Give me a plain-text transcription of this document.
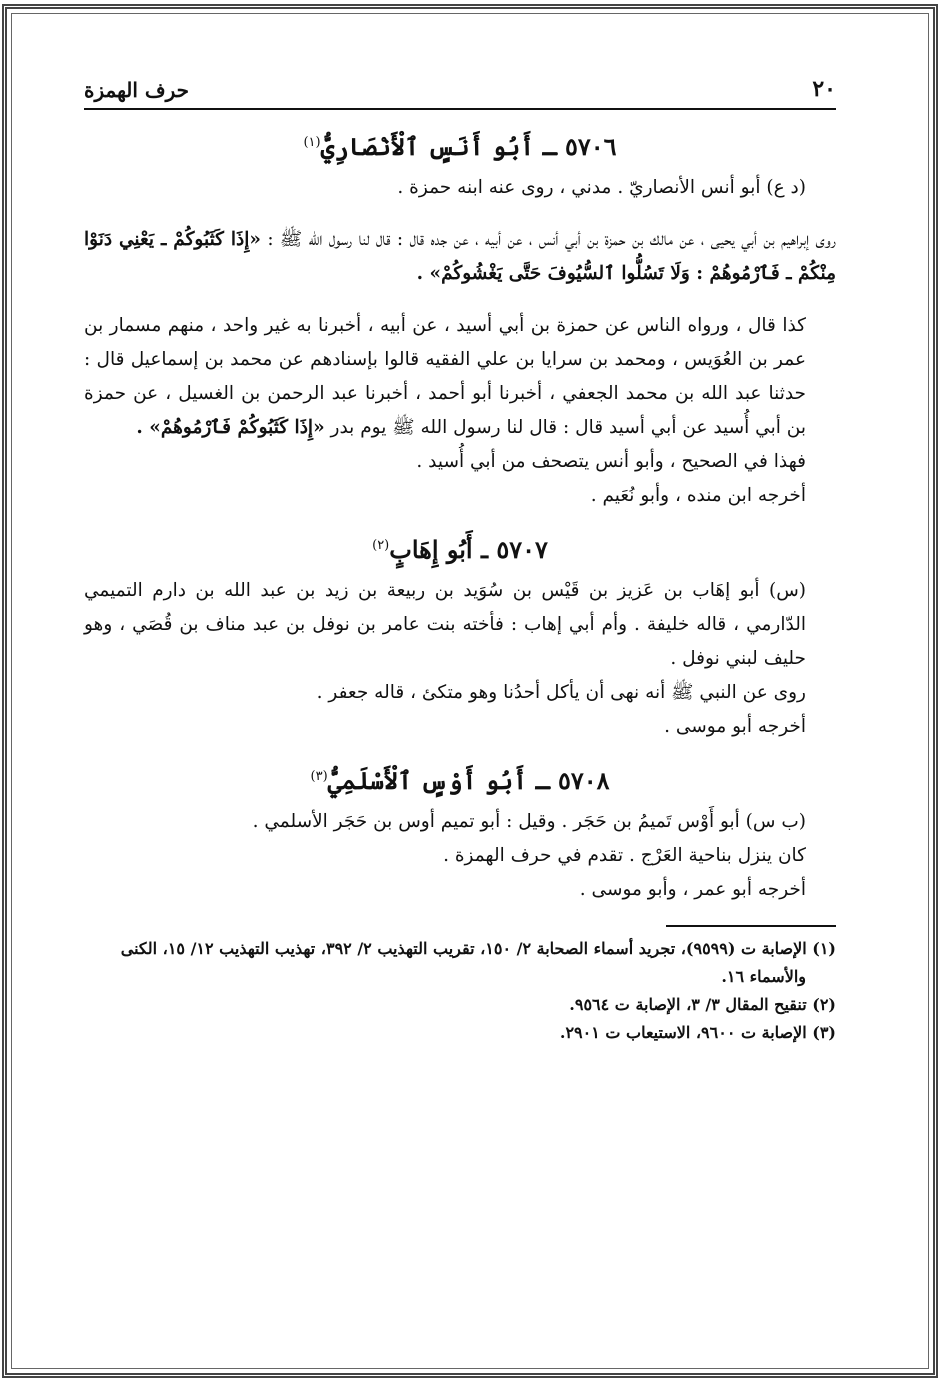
٢٠
حرف الهمزة
٥٧٠٦ ـ أَبُو أَنَسٍ ٱلْأَنْصَارِيُّ$^{(١)}$

(د ع) أبو أنس الأنصاريّ . مدني ، روى عنه ابنه حمزة .

روى إبراهيم بن أبي يحيى ، عن مالك بن حمزة بن أبي أنس ، عن أبيه ، عن جده قال : قال لنا رسول الله ﷺ : «إِذَا كَثَبُوكُمْ ـ يَعْنِي دَنَوْا مِنْكُمْ ـ فَٱرْمُوهُمْ : وَلَا تَسُلُّوا ٱلسُّيُوفَ حَتَّى يَغْشُوكُمْ» .

كذا قال ، ورواه الناس عن حمزة بن أبي أسيد ، عن أبيه ، أخبرنا به غير واحد ، منهم مسمار بن عمر بن العُوَيس ، ومحمد بن سرايا بن علي الفقيه قالوا بإسنادهم عن محمد بن إسماعيل قال : حدثنا عبد الله بن محمد الجعفي ، أخبرنا أبو أحمد ، أخبرنا عبد الرحمن بن الغسيل ، عن حمزة بن أبي أُسيد عن أبي أسيد قال : قال لنا رسول الله ﷺ يوم بدر «إِذَا كَثَبُوكُمْ فَٱرْمُوهُمْ» .

فهذا في الصحيح ، وأبو أنس يتصحف من أبي أُسيد .

أخرجه ابن منده ، وأبو نُعَيم .

٥٧٠٧ ـ أَبُو إِهَابٍ$^{(٢)}$

(س) أبو إهَاب بن عَزيز بن قَيْس بن سُوَيد بن ربيعة بن زيد بن عبد الله بن دارم التميمي الدّارمي ، قاله خليفة . وأم أبي إهاب : فأخته بنت عامر بن نوفل بن عبد مناف بن قُصَي ، وهو حليف لبني نوفل .

روى عن النبي ﷺ أنه نهى أن يأكل أحدُنا وهو متكئ ، قاله جعفر .

أخرجه أبو موسى .

٥٧٠٨ ـ أَبُو أَوْسٍ ٱلْأَسْلَمِيُّ$^{(٣)}$

(ب س) أبو أَوْس تَميمُ بن حَجَر . وقيل : أبو تميم أوس بن حَجَر الأسلمي .

كان ينزل بناحية العَرْج . تقدم في حرف الهمزة .

أخرجه أبو عمر ، وأبو موسى .

(١) الإصابة ت (٩٥٩٩)، تجريد أسماء الصحابة ٢/ ١٥٠، تقريب التهذيب ٢/ ٣٩٢، تهذيب التهذيب ١٢/ ١٥، الكنى والأسماء ١٦.
(٢) تنقيح المقال ٣/ ٣، الإصابة ت ٩٥٦٤.
(٣) الإصابة ت ٩٦٠٠، الاستيعاب ت ٢٩٠١.
